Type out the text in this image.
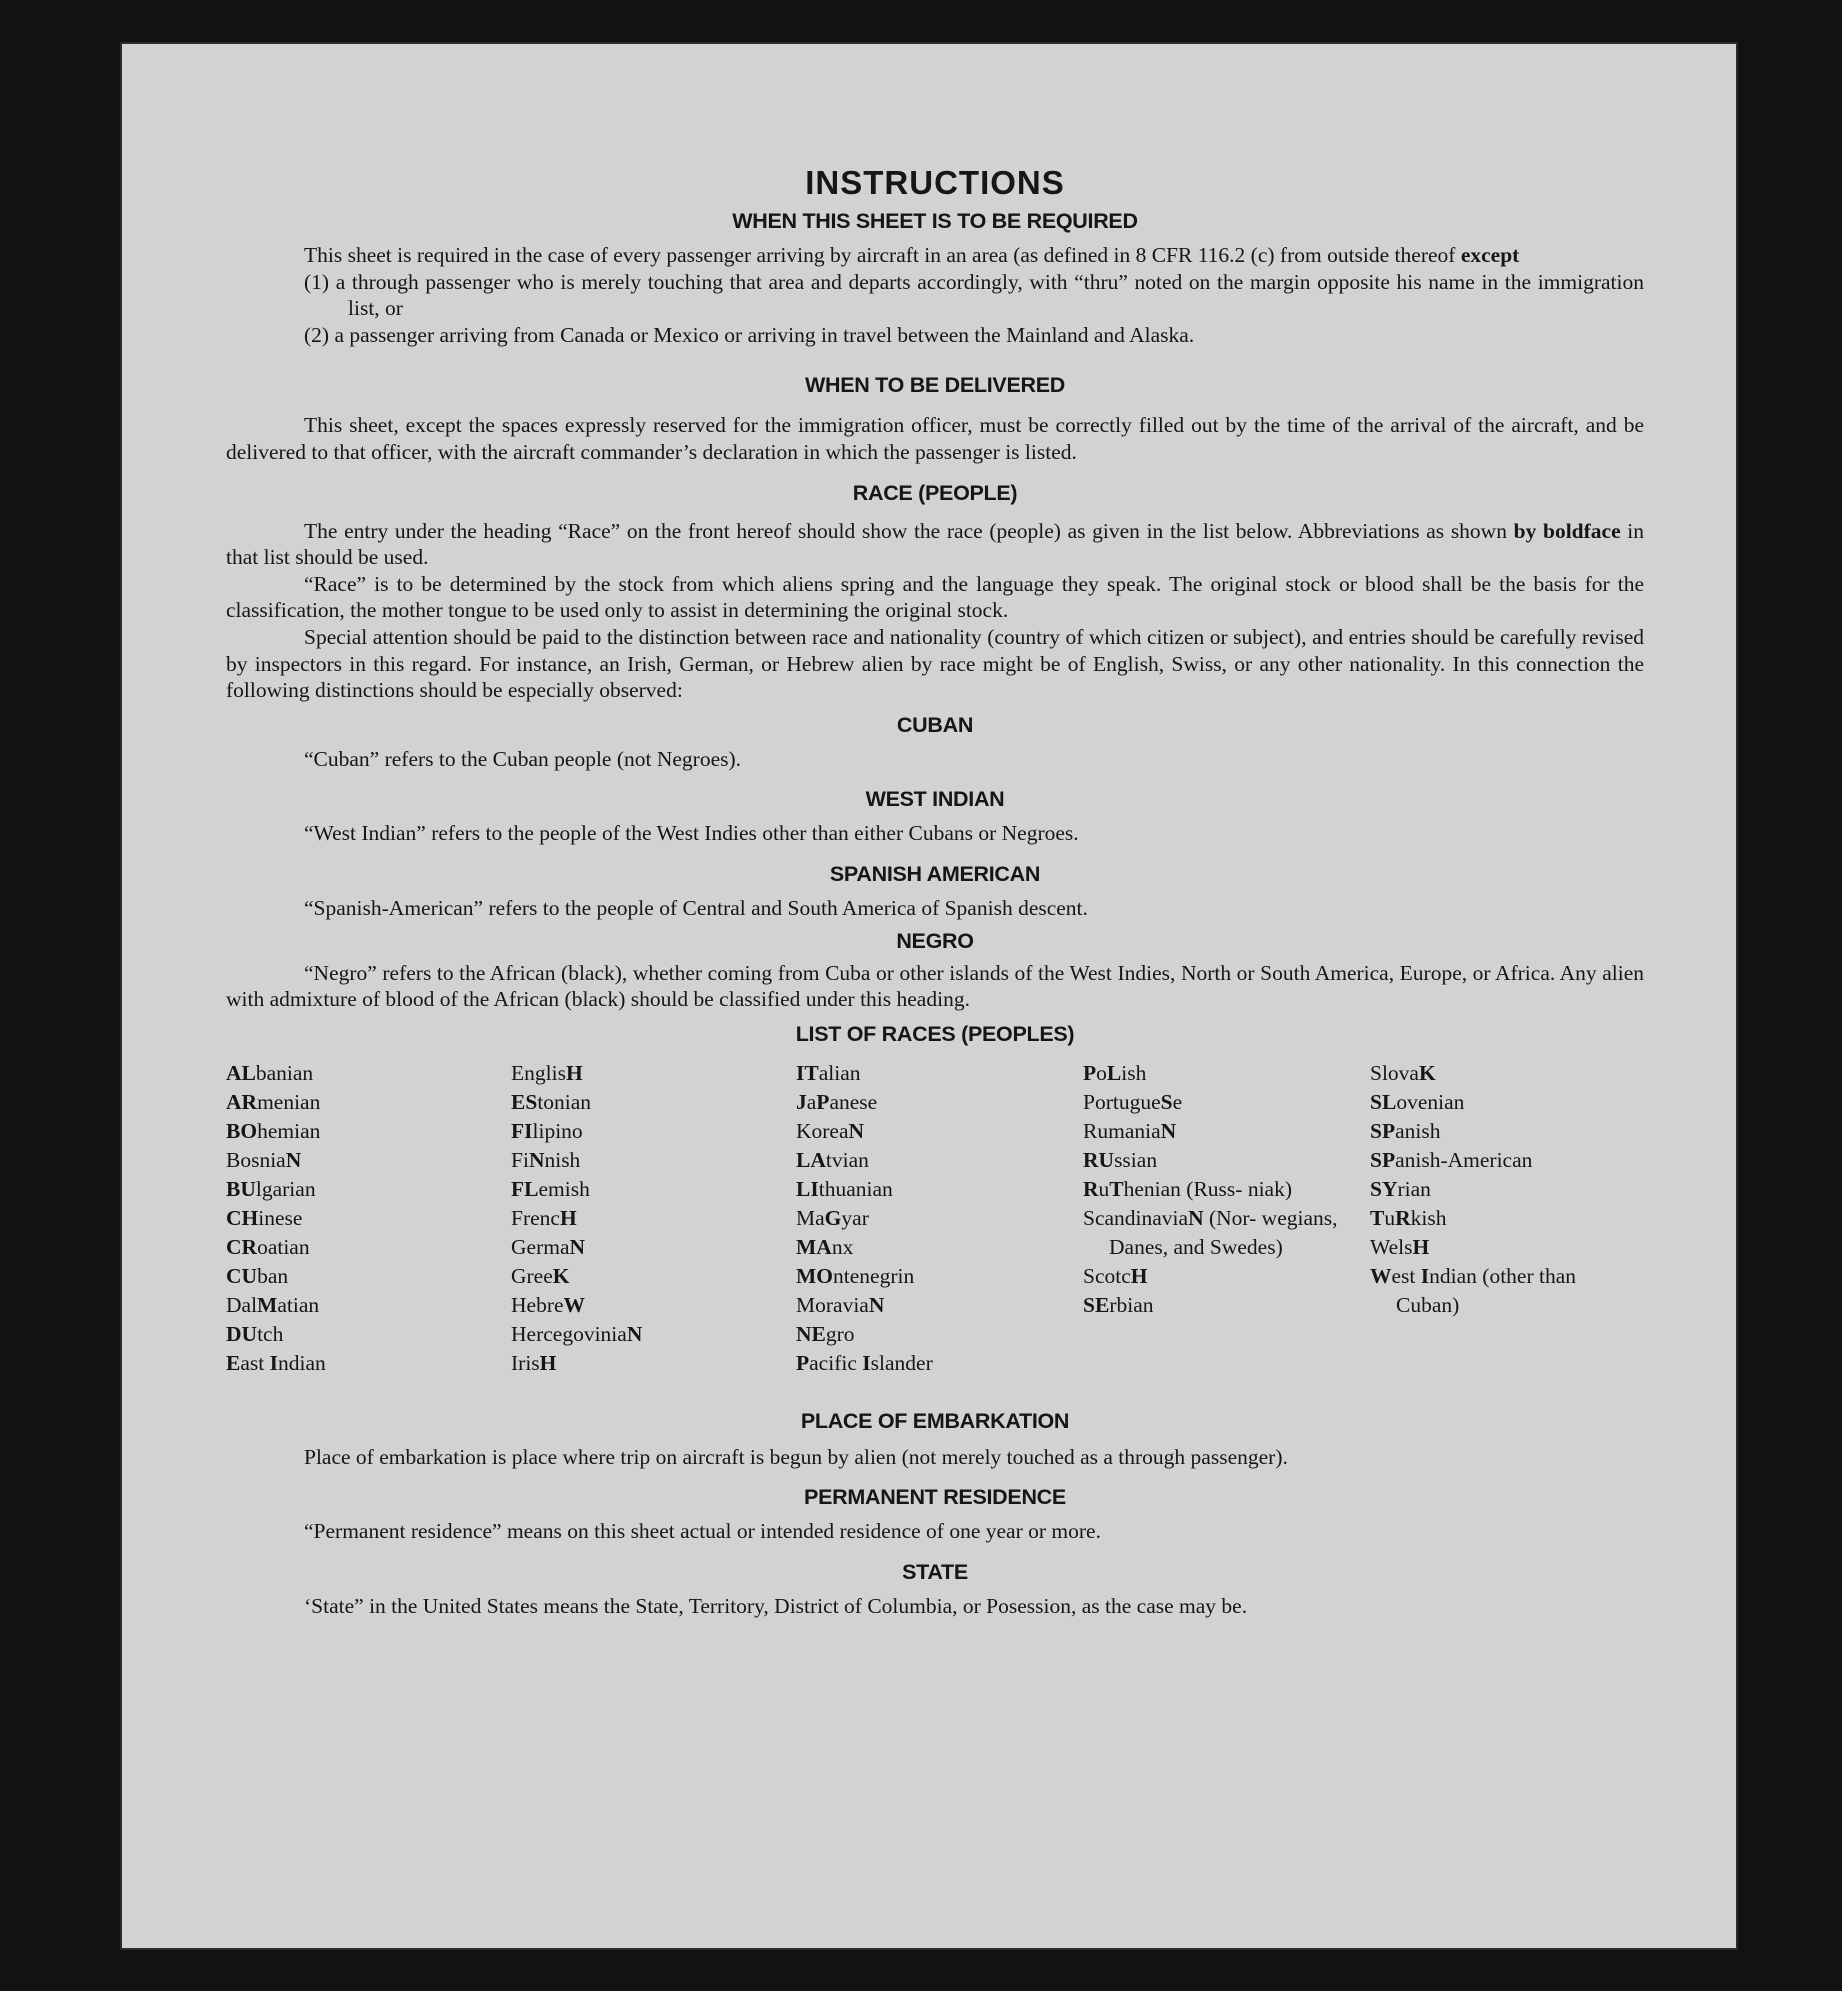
INSTRUCTIONS
WHEN THIS SHEET IS TO BE REQUIRED

This sheet is required in the case of every passenger arriving by aircraft in an area (as defined in 8 CFR 116.2 (c) from outside thereof except

(1) a through passenger who is merely touching that area and departs accordingly, with “thru” noted on the margin opposite his name in the immigration list, or
(2) a passenger arriving from Canada or Mexico or arriving in travel between the Mainland and Alaska.
WHEN TO BE DELIVERED

This sheet, except the spaces expressly reserved for the immigration officer, must be correctly filled out by the time of the arrival of the aircraft, and be delivered to that officer, with the aircraft commander’s declaration in which the passenger is listed.

RACE (PEOPLE)

The entry under the heading “Race” on the front hereof should show the race (people) as given in the list below. Abbreviations as shown by boldface in that list should be used.

“Race” is to be determined by the stock from which aliens spring and the language they speak. The original stock or blood shall be the basis for the classification, the mother tongue to be used only to assist in determining the original stock.

Special attention should be paid to the distinction between race and nationality (country of which citizen or subject), and entries should be carefully revised by inspectors in this regard. For instance, an Irish, German, or Hebrew alien by race might be of English, Swiss, or any other nationality. In this connection the following distinctions should be especially observed:

CUBAN

“Cuban” refers to the Cuban people (not Negroes).

WEST INDIAN

“West Indian” refers to the people of the West Indies other than either Cubans or Negroes.

SPANISH AMERICAN

“Spanish-American” refers to the people of Central and South America of Spanish descent.

NEGRO

“Negro” refers to the African (black), whether coming from Cuba or other islands of the West Indies, North or South America, Europe, or Africa. Any alien with admixture of blood of the African (black) should be classified under this heading.

LIST OF RACES (PEOPLES)
ALbanian
ARmenian
BOhemian
BosniaN
BUlgarian
CHinese
CRoatian
CUban
DalMatian
DUtch
East Indian
EnglisH
EStonian
FIlipino
FiNnish
FLemish
FrencH
GermaN
GreeK
HebreW
HercegoviniaN
IrisH
ITalian
JaPanese
KoreaN
LAtvian
LIthuanian
MaGyar
MAnx
MOntenegrin
MoraviaN
NEgro
Pacific Islander
PoLish
PortugueSe
RumaniaN
RUssian
RuThenian (Russ- niak)
ScandinaviaN (Nor- wegians, Danes, and Swedes)
ScotcH
SErbian
SlovaK
SLovenian
SPanish
SPanish-American
SYrian
TuRkish
WelsH
West Indian (other than Cuban)
PLACE OF EMBARKATION

Place of embarkation is place where trip on aircraft is begun by alien (not merely touched as a through passenger).

PERMANENT RESIDENCE

“Permanent residence” means on this sheet actual or intended residence of one year or more.

STATE

‘State” in the United States means the State, Territory, District of Columbia, or Posession, as the case may be.
